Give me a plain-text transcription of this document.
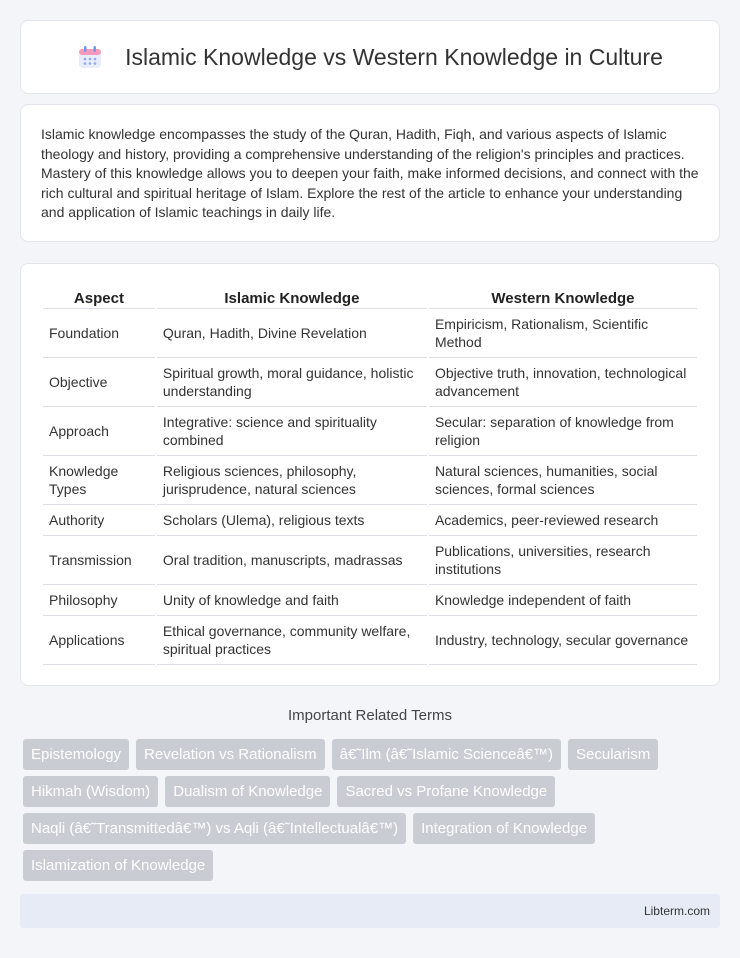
Islamic Knowledge vs Western Knowledge in Culture

Islamic knowledge encompasses the study of the Quran, Hadith, Fiqh, and various aspects of Islamic theology and history, providing a comprehensive understanding of the religion's principles and practices. Mastery of this knowledge allows you to deepen your faith, make informed decisions, and connect with the rich cultural and spiritual heritage of Islam. Explore the rest of the article to enhance your understanding and application of Islamic teachings in daily life.

Aspect	Islamic Knowledge	Western Knowledge
Foundation	Quran, Hadith, Divine Revelation	Empiricism, Rationalism, Scientific Method
Objective	Spiritual growth, moral guidance, holistic understanding	Objective truth, innovation, technological advancement
Approach	Integrative: science and spirituality combined	Secular: separation of knowledge from religion
Knowledge Types	Religious sciences, philosophy, jurisprudence, natural sciences	Natural sciences, humanities, social sciences, formal sciences
Authority	Scholars (Ulema), religious texts	Academics, peer-reviewed research
Transmission	Oral tradition, manuscripts, madrassas	Publications, universities, research institutions
Philosophy	Unity of knowledge and faith	Knowledge independent of faith
Applications	Ethical governance, community welfare, spiritual practices	Industry, technology, secular governance
Important Related Terms
Epistemology	Revelation vs Rationalism	â€˜Ilm (â€˜Islamic Scienceâ€™)	Secularism
Hikmah (Wisdom)	Dualism of Knowledge	Sacred vs Profane Knowledge
Naqli (â€˜Transmittedâ€™) vs Aqli (â€˜Intellectualâ€™)	Integration of Knowledge
Islamization of Knowledge
Libterm.com
